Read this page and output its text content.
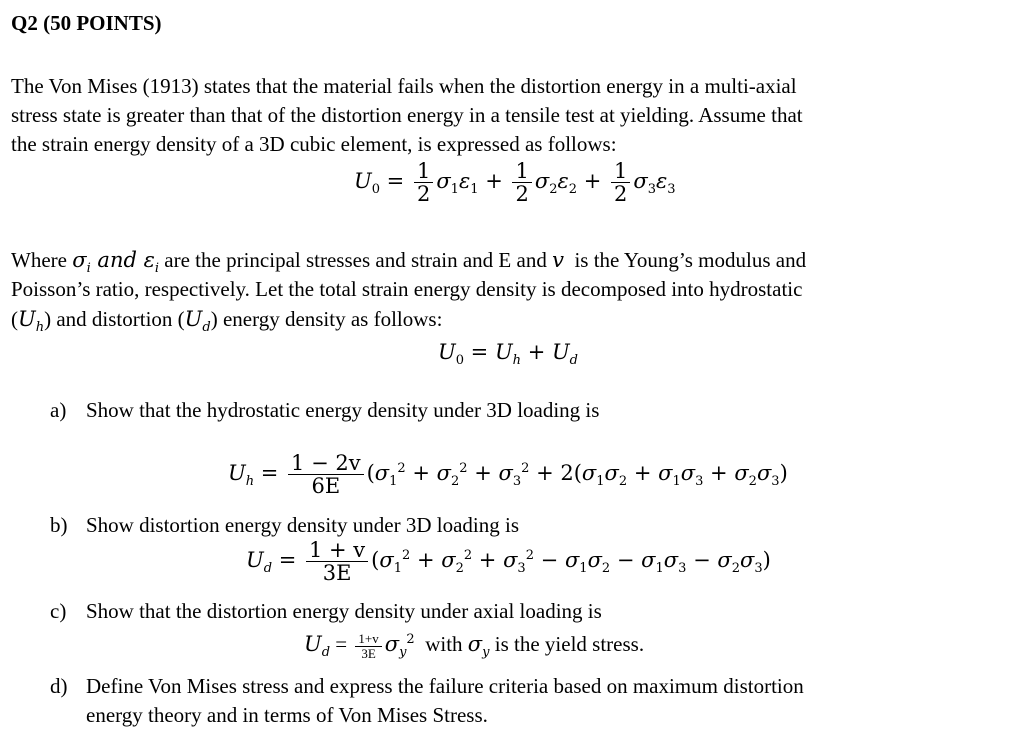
Q2 (50 POINTS)
The Von Mises (1913) states that the material fails when the distortion energy in a multi-axial
stress state is greater than that of the distortion energy in a tensile test at yielding. Assume that
the strain energy density of a 3D cubic element, is expressed as follows:
$U_0 = \frac{1}{2} \sigma_1\varepsilon_1 + \frac{1}{2} \sigma_2\varepsilon_2 + \frac{1}{2} \sigma_3\varepsilon_3$
Where $\sigma_i$ and $\varepsilon_i$ are the principal stresses and strain and E and v is the Young’s modulus and
Poisson’s ratio, respectively. Let the total strain energy density is decomposed into hydrostatic
$(U_h)$ and distortion $(U_d)$ energy density as follows:
$U_0 = U_h + U_d$
a) Show that the hydrostatic energy density under 3D loading is
$U_h = \frac{1 - 2v}{6E} (\sigma_1^2 + \sigma_2^2 + \sigma_3^2 + 2(\sigma_1\sigma_2 + \sigma_1\sigma_3 + \sigma_2\sigma_3)$
b) Show distortion energy density under 3D loading is
$U_d = \frac{1 + v}{3E} (\sigma_1^2 + \sigma_2^2 + \sigma_3^2 - \sigma_1\sigma_2 - \sigma_1\sigma_3 - \sigma_2\sigma_3)$
c) Show that the distortion energy density under axial loading is
$U_d = \frac{1+v}{3E} \sigma_y^2$ with $\sigma_y$ is the yield stress.
d) Define Von Mises stress and express the failure criteria based on maximum distortion
energy theory and in terms of Von Mises Stress.
